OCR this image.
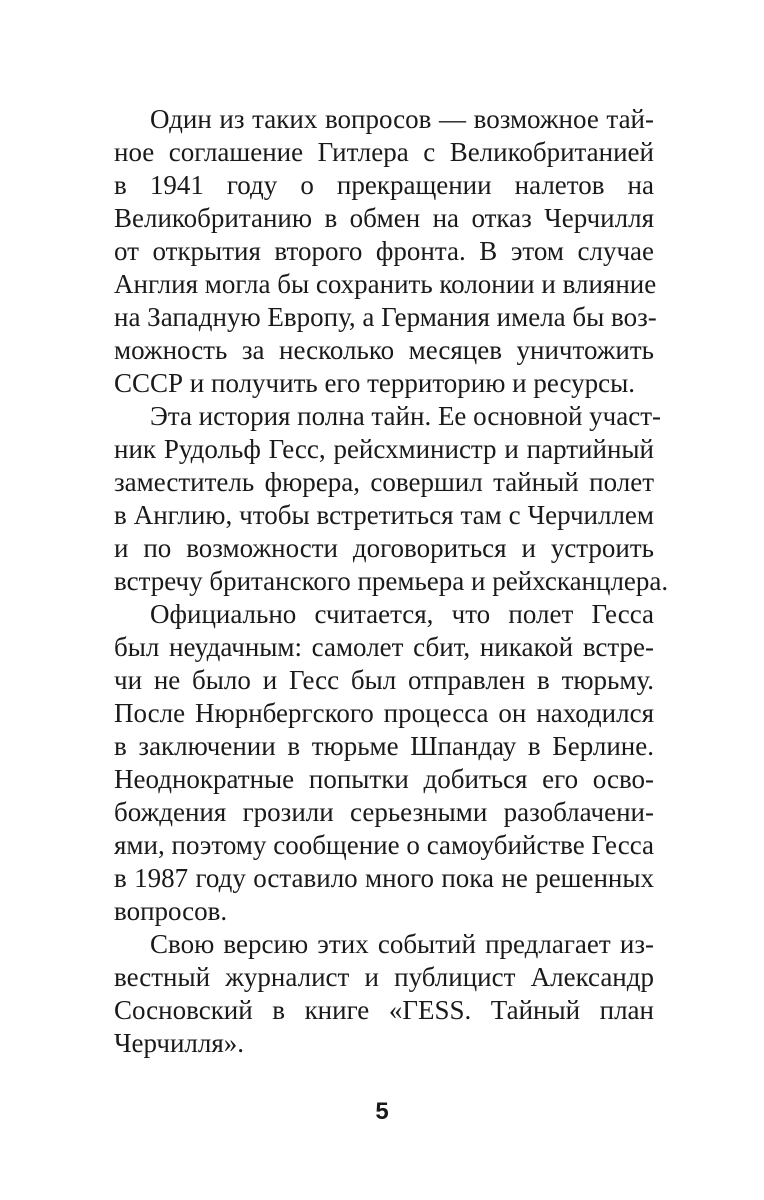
Один из таких вопросов — возможное тай-
ное соглашение Гитлера с Великобританией
в 1941 году о прекращении налетов на
Великобританию в обмен на отказ Черчилля
от открытия второго фронта. В этом случае
Англия могла бы сохранить колонии и влияние
на Западную Европу, а Германия имела бы воз-
можность за несколько месяцев уничтожить
СССР и получить его территорию и ресурсы.

Эта история полна тайн. Ее основной участ-
ник Рудольф Гесс, рейсхминистр и партийный
заместитель фюрера, совершил тайный полет
в Англию, чтобы встретиться там с Черчиллем
и по возможности договориться и устроить
встречу британского премьера и рейхсканцлера.

Официально считается, что полет Гесса
был неудачным: самолет сбит, никакой встре-
чи не было и Гесс был отправлен в тюрьму.
После Нюрнбергского процесса он находился
в заключении в тюрьме Шпандау в Берлине.
Неоднократные попытки добиться его осво-
бождения грозили серьезными разоблачени-
ями, поэтому сообщение о самоубийстве Гесса
в 1987 году оставило много пока не решенных
вопросов.

Свою версию этих событий предлагает из-
вестный журналист и публицист Александр
Сосновский в книге «ГESS. Тайный план
Черчилля».

5
